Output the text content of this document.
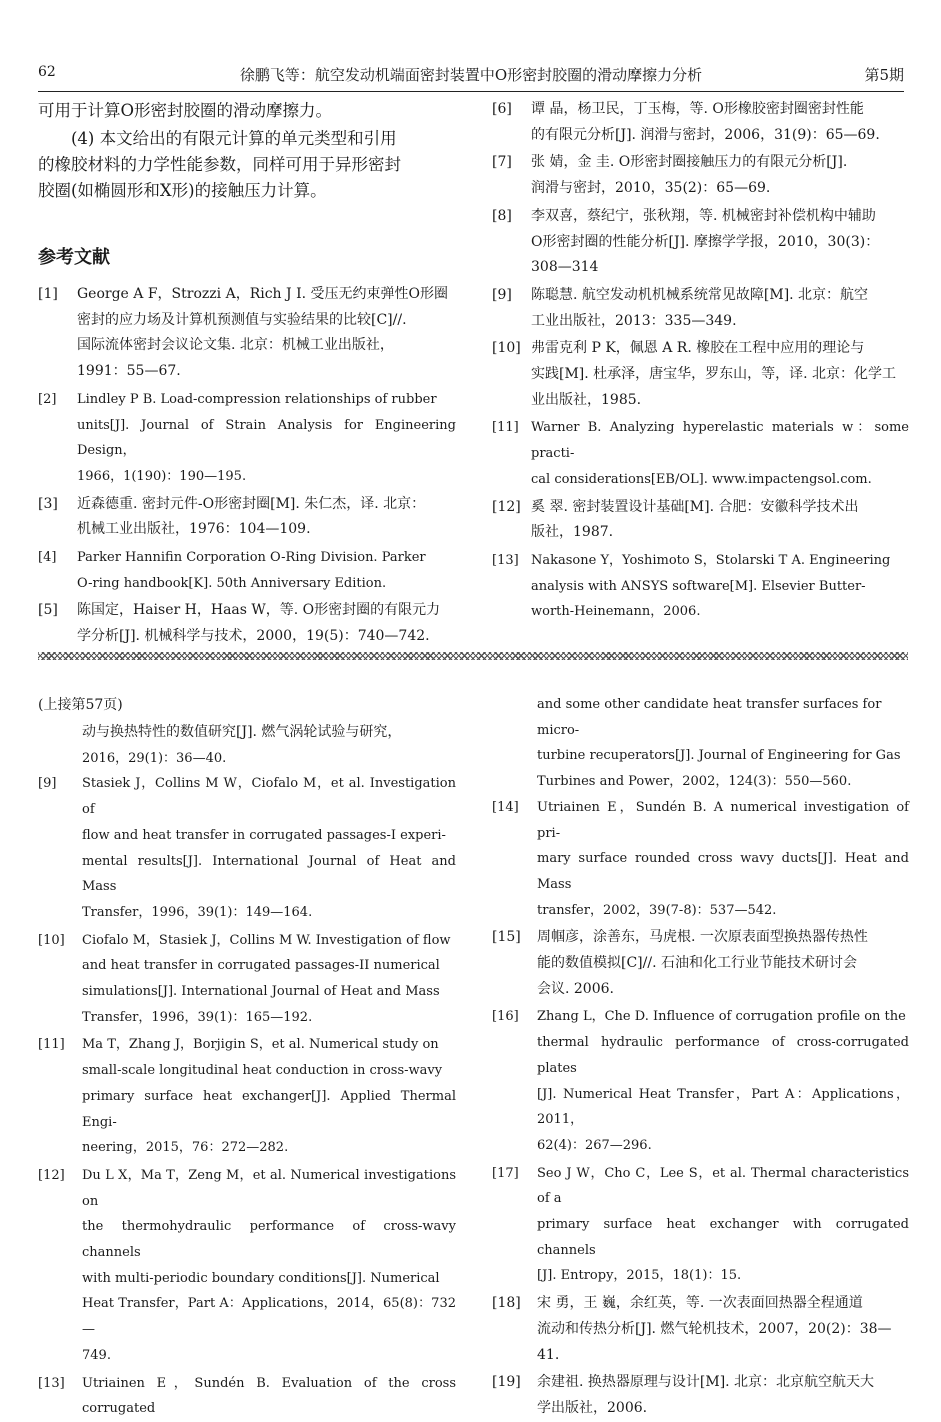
62	徐鹏飞等：航空发动机端面密封装置中O形密封胶圈的滑动摩擦力分析	第5期

可用于计算O形密封胶圈的滑动摩擦力。

(4) 本文给出的有限元计算的单元类型和引用
的橡胶材料的力学性能参数，同样可用于异形密封
胶圈(如椭圆形和X形)的接触压力计算。

参考文献

[1]	George A F，Strozzi A，Rich J I. 受压无约束弹性O形圈
密封的应力场及计算机预测值与实验结果的比较[C]//.
国际流体密封会议论文集. 北京：机械工业出版社，
1991：55—67.
[2]	Lindley P B. Load-compression relationships of rubber
units[J]. Journal of Strain Analysis for Engineering Design，
1966，1(190)：190—195.
[3]	近森德重. 密封元件-O形密封圈[M]. 朱仁杰，译. 北京：
机械工业出版社，1976：104—109.
[4]	Parker Hannifin Corporation O-Ring Division. Parker
O-ring handbook[K]. 50th Anniversary Edition.
[5]	陈国定，Haiser H，Haas W，等. O形密封圈的有限元力
学分析[J]. 机械科学与技术，2000，19(5)：740—742.
[6]	谭 晶，杨卫民，丁玉梅，等. O形橡胶密封圈密封性能
的有限元分析[J]. 润滑与密封，2006，31(9)：65—69.
[7]	张 婧，金 圭. O形密封圈接触压力的有限元分析[J].
润滑与密封，2010，35(2)：65—69.
[8]	李双喜，蔡纪宁，张秋翔，等. 机械密封补偿机构中辅助
O形密封圈的性能分析[J]. 摩擦学学报，2010，30(3)：
308—314
[9]	陈聪慧. 航空发动机机械系统常见故障[M]. 北京：航空
工业出版社，2013：335—349.
[10] 弗雷克利 P K，佩恩 A R. 橡胶在工程中应用的理论与
实践[M]. 杜承泽，唐宝华，罗东山，等，译. 北京：化学工
业出版社，1985.
[11] Warner B. Analyzing hyperelastic materials w：some practi-
cal considerations[EB/OL]. www.impactengsol.com.
[12] 奚 翠. 密封装置设计基础[M]. 合肥：安徽科学技术出
版社，1987.
[13] Nakasone Y，Yoshimoto S，Stolarski T A. Engineering
analysis with ANSYS software[M]. Elsevier Butter-
worth-Heinemann，2006.
(上接第57页)
动与换热特性的数值研究[J]. 燃气涡轮试验与研究，
2016，29(1)：36—40.
[9]	Stasiek J，Collins M W，Ciofalo M，et al. Investigation of
flow and heat transfer in corrugated passages-I experi-
mental results[J]. International Journal of Heat and Mass
Transfer，1996，39(1)：149—164.
[10]	Ciofalo M，Stasiek J，Collins M W. Investigation of flow
and heat transfer in corrugated passages-II numerical
simulations[J]. International Journal of Heat and Mass
Transfer，1996，39(1)：165—192.
[11]	Ma T，Zhang J，Borjigin S，et al. Numerical study on
small-scale longitudinal heat conduction in cross-wavy
primary surface heat exchanger[J]. Applied Thermal Engi-
neering，2015，76：272—282.
[12]	Du L X，Ma T，Zeng M，et al. Numerical investigations on
the thermohydraulic performance of cross-wavy channels
with multi-periodic boundary conditions[J]. Numerical
Heat Transfer，Part A：Applications，2014，65(8)：732—
749.
[13]	Utriainen E，Sundén B. Evaluation of the cross corrugated
and some other candidate heat transfer surfaces for micro-
turbine recuperators[J]. Journal of Engineering for Gas
Turbines and Power，2002，124(3)：550—560.
[14]	Utriainen E，Sundén B. A numerical investigation of pri-
mary surface rounded cross wavy ducts[J]. Heat and Mass
transfer，2002，39(7-8)：537—542.
[15]	周帼彦，涂善东，马虎根. 一次原表面型换热器传热性
能的数值模拟[C]//. 石油和化工行业节能技术研讨会
会议. 2006.
[16]	Zhang L，Che D. Influence of corrugation profile on the
thermal hydraulic performance of cross-corrugated plates
[J]. Numerical Heat Transfer，Part A：Applications，2011，
62(4)：267—296.
[17]	Seo J W，Cho C，Lee S，et al. Thermal characteristics of a
primary surface heat exchanger with corrugated channels
[J]. Entropy，2015，18(1)：15.
[18]	宋 勇，王 巍，余红英，等. 一次表面回热器全程通道
流动和传热分析[J]. 燃气轮机技术，2007，20(2)：38—
41.
[19]	余建祖. 换热器原理与设计[M]. 北京：北京航空航天大
学出版社，2006.
